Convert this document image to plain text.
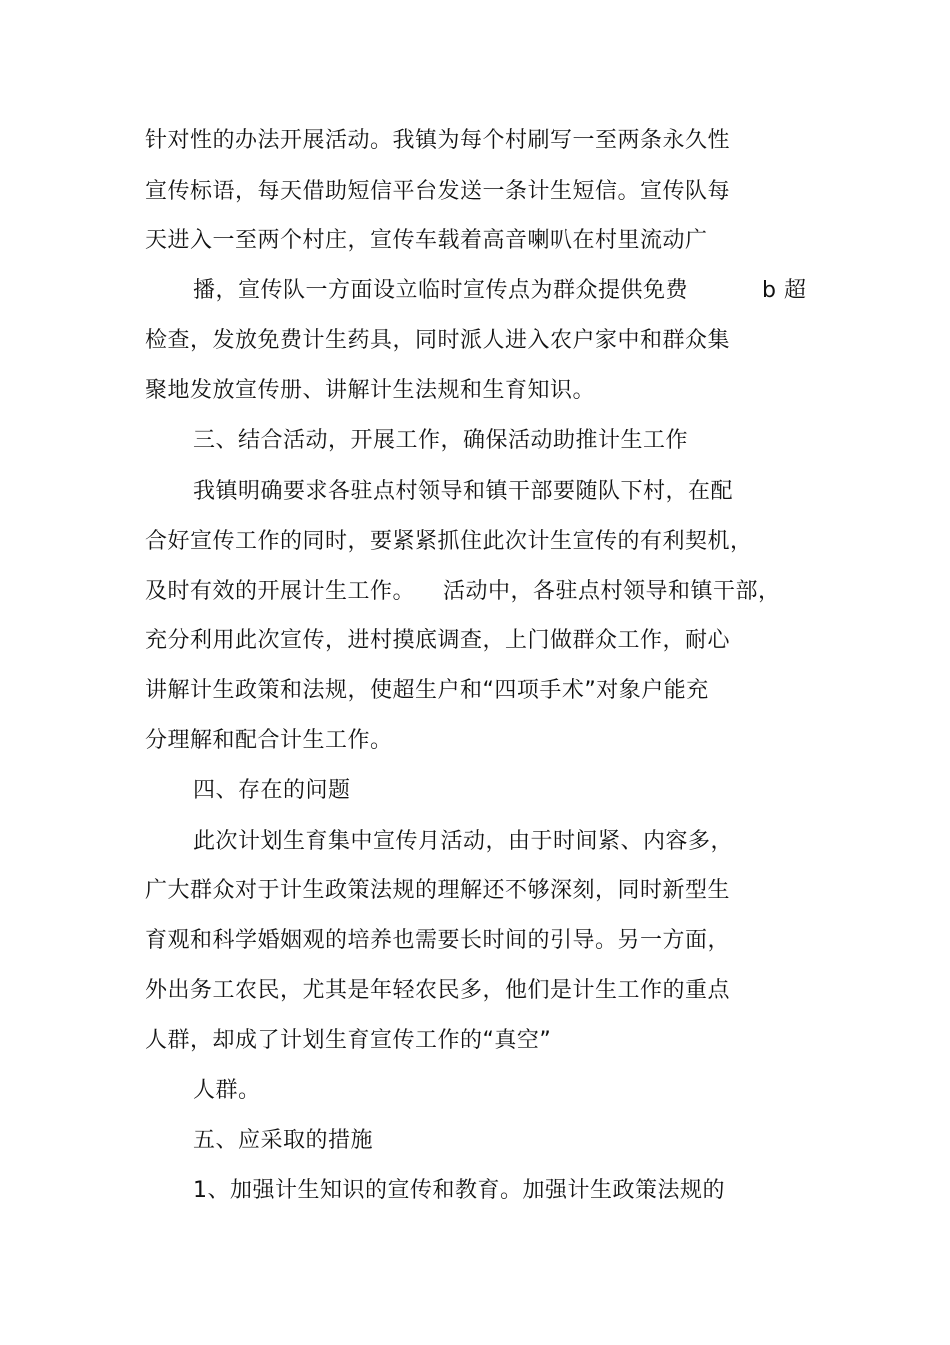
针对性的办法开展活动。我镇为每个村刷写一至两条永久性
宣传标语，每天借助短信平台发送一条计生短信。宣传队每
天进入一至两个村庄，宣传车载着高音喇叭在村里流动广
播，宣传队一方面设立临时宣传点为群众提供免费	b 超
检查，发放免费计生药具，同时派人进入农户家中和群众集
聚地发放宣传册、讲解计生法规和生育知识。
三、结合活动，开展工作，确保活动助推计生工作
我镇明确要求各驻点村领导和镇干部要随队下村，在配
合好宣传工作的同时，要紧紧抓住此次计生宣传的有利契机，
及时有效的开展计生工作。 活动中，各驻点村领导和镇干部，
充分利用此次宣传，进村摸底调查，上门做群众工作，耐心
讲解计生政策和法规，使超生户和“四项手术”对象户能充
分理解和配合计生工作。
四、存在的问题
此次计划生育集中宣传月活动，由于时间紧、内容多，
广大群众对于计生政策法规的理解还不够深刻，同时新型生
育观和科学婚姻观的培养也需要长时间的引导。另一方面，
外出务工农民，尤其是年轻农民多，他们是计生工作的重点
人群，却成了计划生育宣传工作的“真空”
人群。
五、应采取的措施
1、加强计生知识的宣传和教育。加强计生政策法规的
